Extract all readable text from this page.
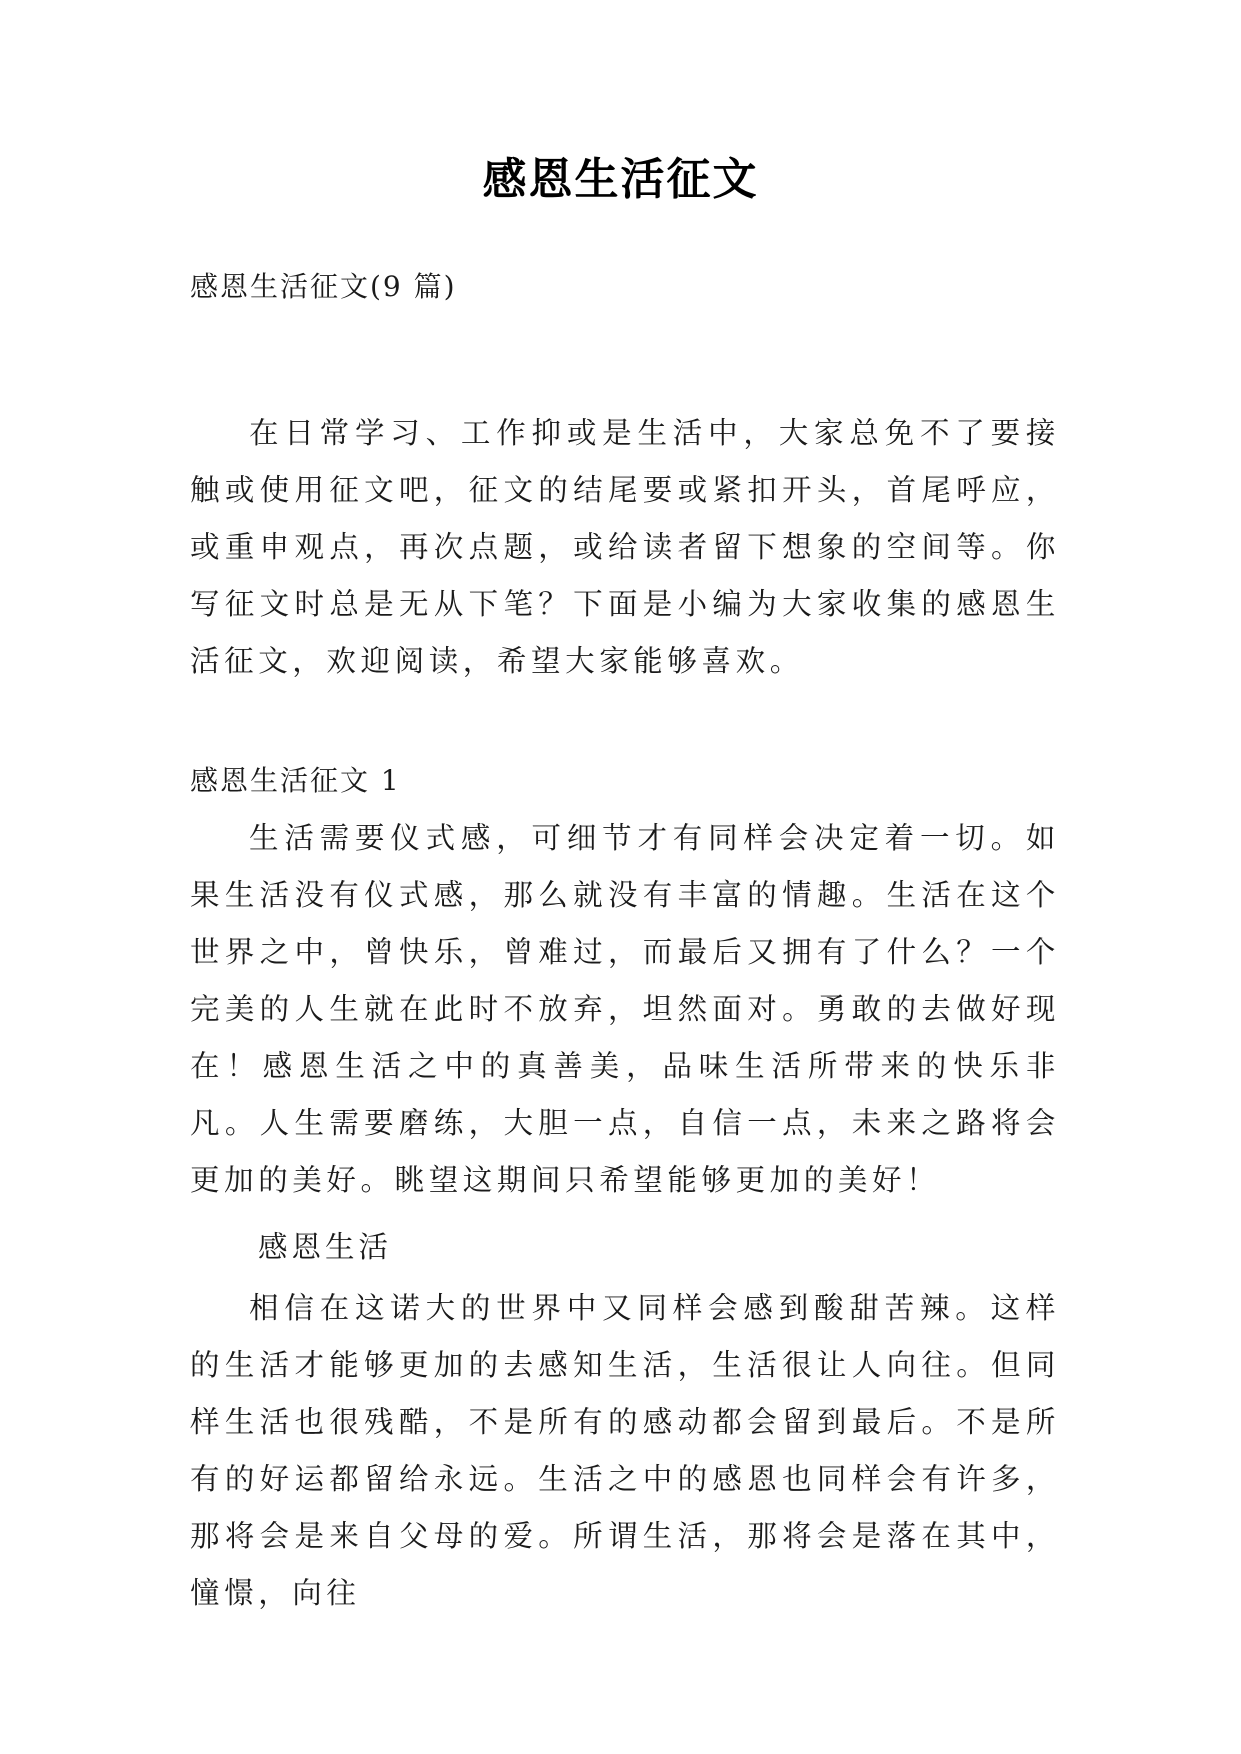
感恩生活征文
感恩生活征文(9 篇)

在日常学习、工作抑或是生活中，大家总免不了要接触或使用征文吧，征文的结尾要或紧扣开头，首尾呼应，或重申观点，再次点题，或给读者留下想象的空间等。你写征文时总是无从下笔？下面是小编为大家收集的感恩生活征文，欢迎阅读，希望大家能够喜欢。

感恩生活征文 1

生活需要仪式感，可细节才有同样会决定着一切。如果生活没有仪式感，那么就没有丰富的情趣。生活在这个世界之中，曾快乐，曾难过，而最后又拥有了什么？一个完美的人生就在此时不放弃，坦然面对。勇敢的去做好现在！感恩生活之中的真善美，品味生活所带来的快乐非凡。人生需要磨练，大胆一点，自信一点，未来之路将会更加的美好。眺望这期间只希望能够更加的美好！

感恩生活

相信在这诺大的世界中又同样会感到酸甜苦辣。这样的生活才能够更加的去感知生活，生活很让人向往。但同样生活也很残酷，不是所有的感动都会留到最后。不是所有的好运都留给永远。生活之中的感恩也同样会有许多，那将会是来自父母的爱。所谓生活，那将会是落在其中，憧憬，向往
